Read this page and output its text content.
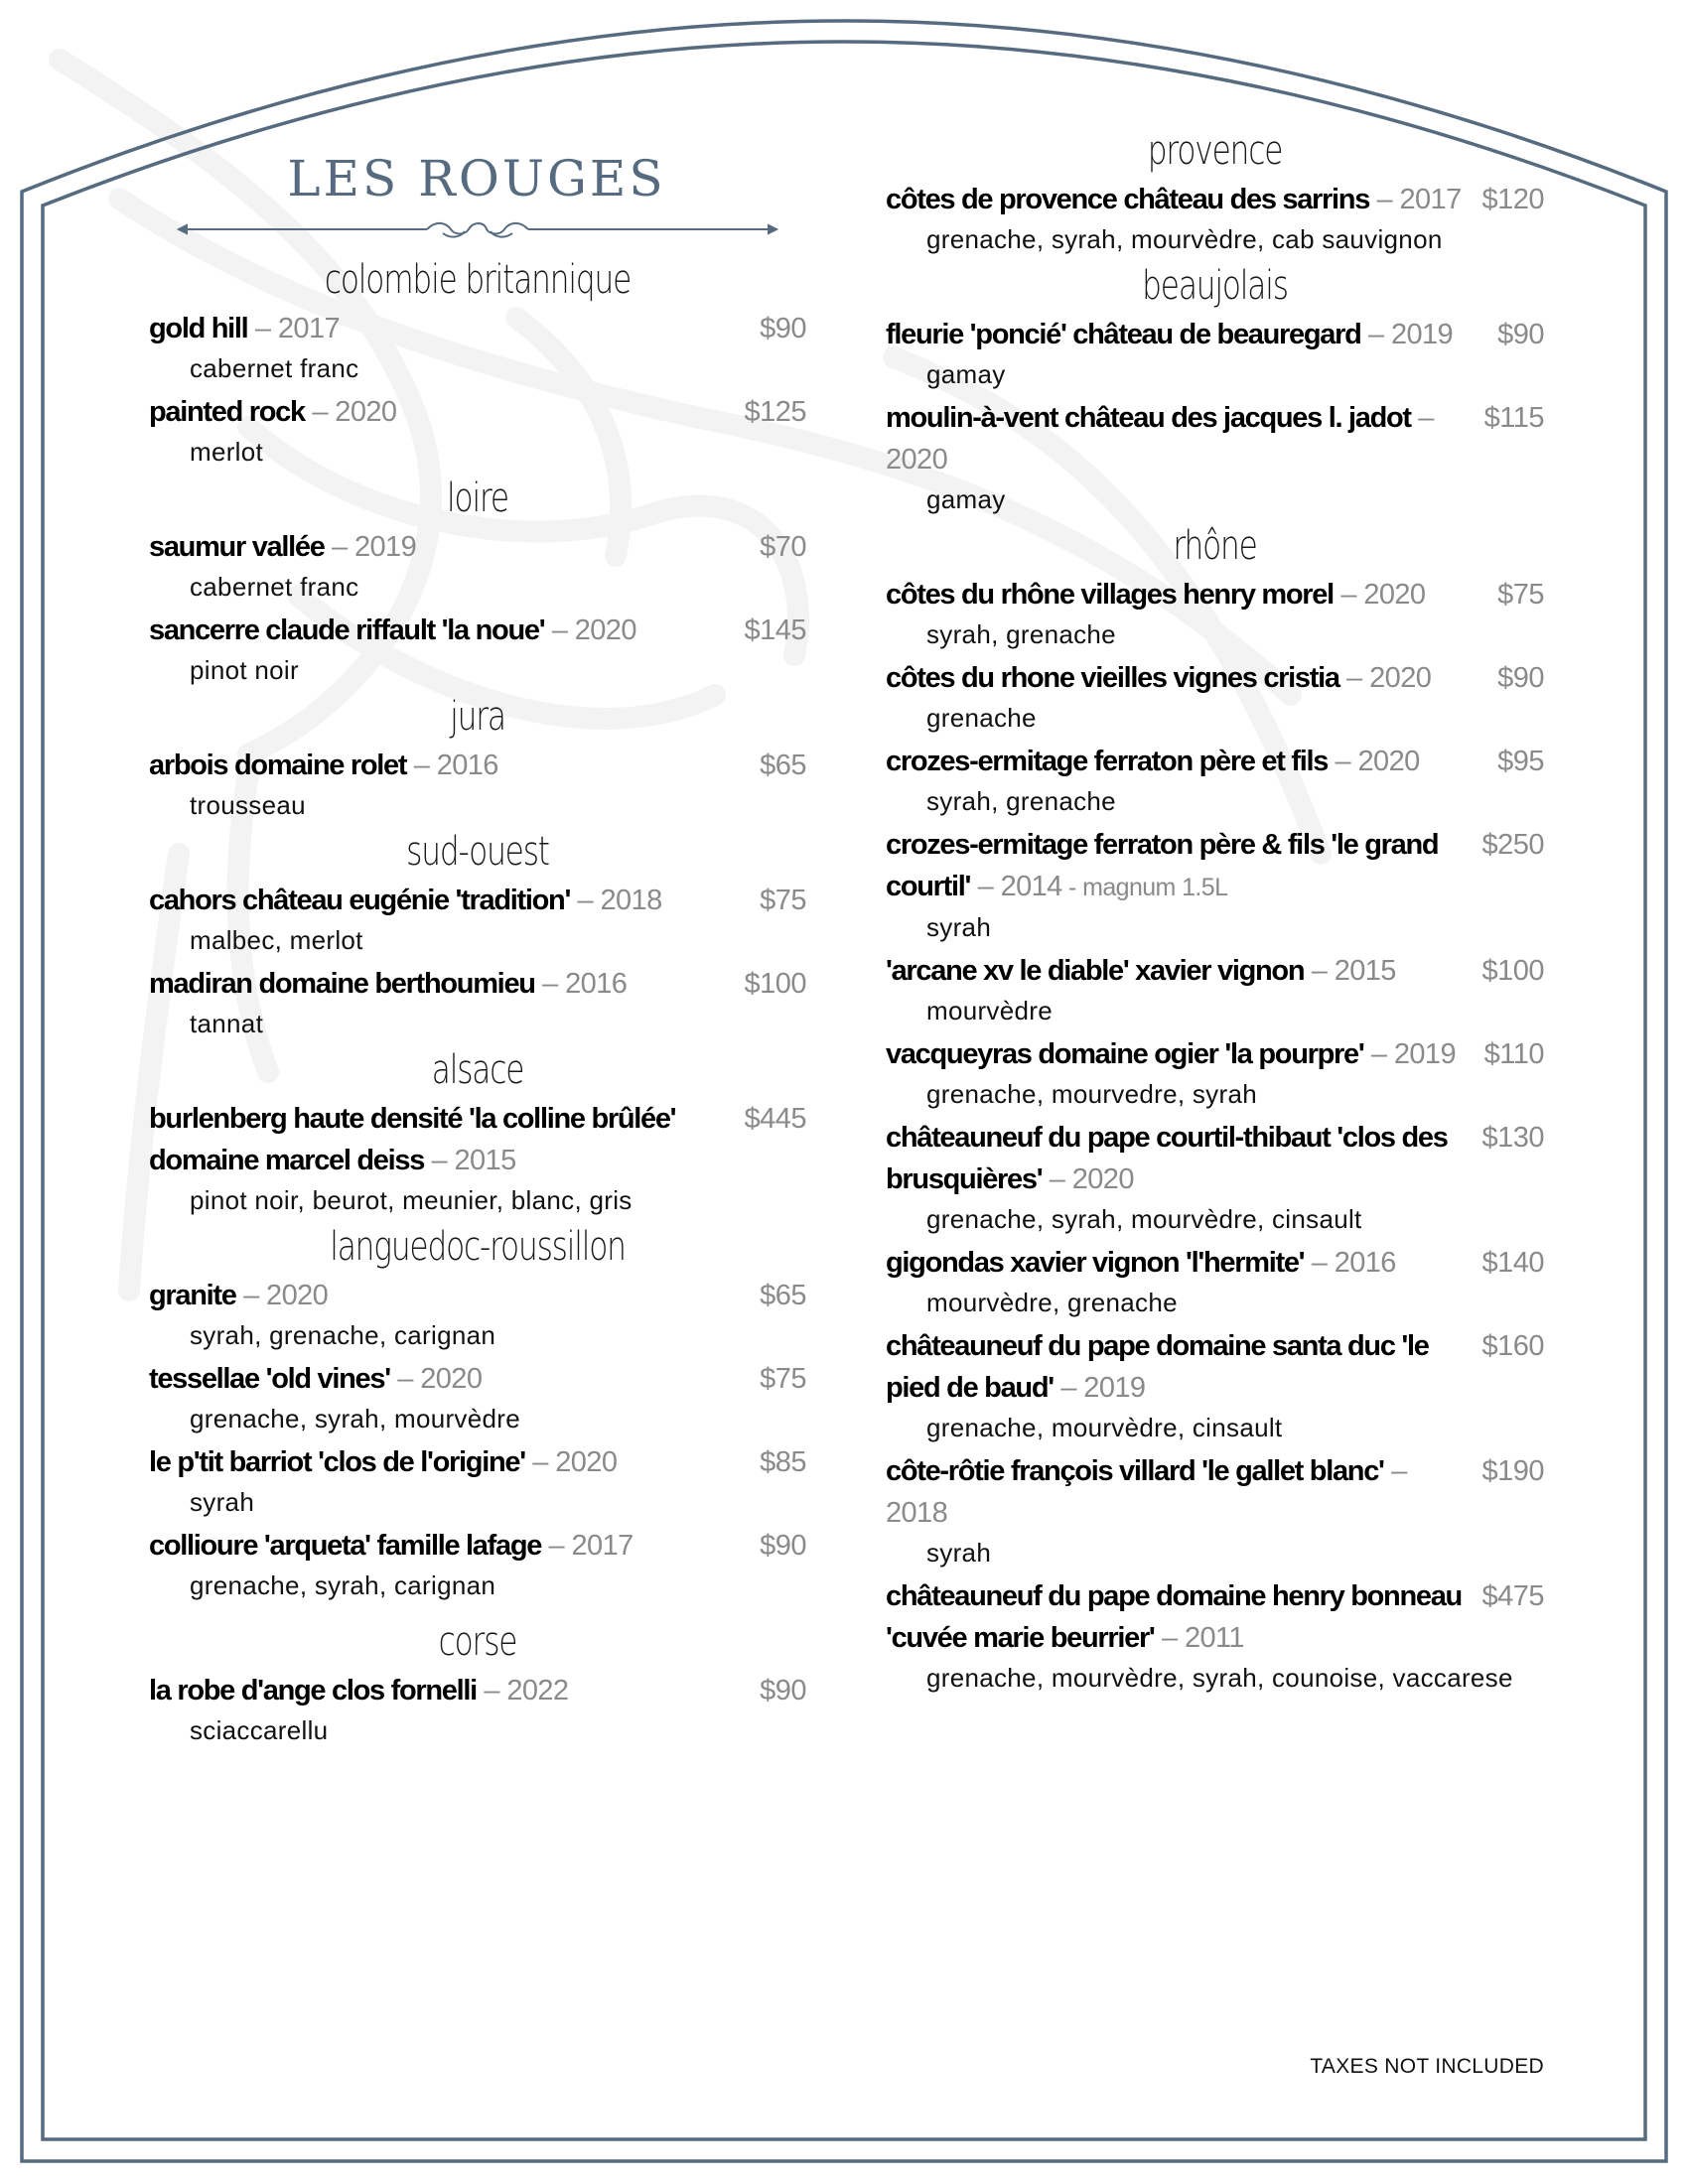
LES ROUGES
colombie britannique
gold hill – 2017	$90
cabernet franc
painted rock – 2020	$125
merlot
loire
saumur vallée – 2019	$70
cabernet franc
sancerre claude riffault 'la noue' – 2020	$145
pinot noir
jura
arbois domaine rolet – 2016	$65
trousseau
sud-ouest
cahors château eugénie 'tradition' – 2018	$75
malbec, merlot
madiran domaine berthoumieu – 2016	$100
tannat
alsace
burlenberg haute densité 'la colline brûlée' domaine marcel deiss – 2015
$445
pinot noir, beurot, meunier, blanc, gris
languedoc-roussillon
granite – 2020	$65
syrah, grenache, carignan
tessellae 'old vines' – 2020	$75
grenache, syrah, mourvèdre
le p'tit barriot 'clos de l'origine' – 2020	$85
syrah
collioure 'arqueta' famille lafage – 2017	$90
grenache, syrah, carignan
corse
la robe d'ange clos fornelli – 2022	$90
sciaccarellu
provence
côtes de provence château des sarrins – 2017 $120
grenache, syrah, mourvèdre, cab sauvignon
beaujolais
fleurie 'poncié' château de beauregard – 2019	$90
gamay
moulin-à-vent château des jacques l. jadot – 2020
$115
gamay
rhône
côtes du rhône villages henry morel – 2020	$75
syrah, grenache
côtes du rhone vieilles vignes cristia – 2020	$90
grenache
crozes-ermitage ferraton père et fils – 2020	$95
syrah, grenache
crozes-ermitage ferraton père & fils 'le grand courtil' – 2014 - magnum 1.5L
$250
syrah
'arcane xv le diable' xavier vignon – 2015	$100
mourvèdre
vacqueyras domaine ogier 'la pourpre' – 2019 $110
grenache, mourvedre, syrah
châteauneuf du pape courtil-thibaut 'clos des brusquières' – 2020
$130
grenache, syrah, mourvèdre, cinsault
gigondas xavier vignon 'l'hermite' – 2016	$140
mourvèdre, grenache
châteauneuf du pape domaine santa duc 'le pied de baud' – 2019
$160
grenache, mourvèdre, cinsault
côte-rôtie françois villard 'le gallet blanc' – 2018
$190
syrah
châteauneuf du pape domaine henry bonneau 'cuvée marie beurrier' – 2011
$475
grenache, mourvèdre, syrah, counoise, vaccarese
TAXES NOT INCLUDED
